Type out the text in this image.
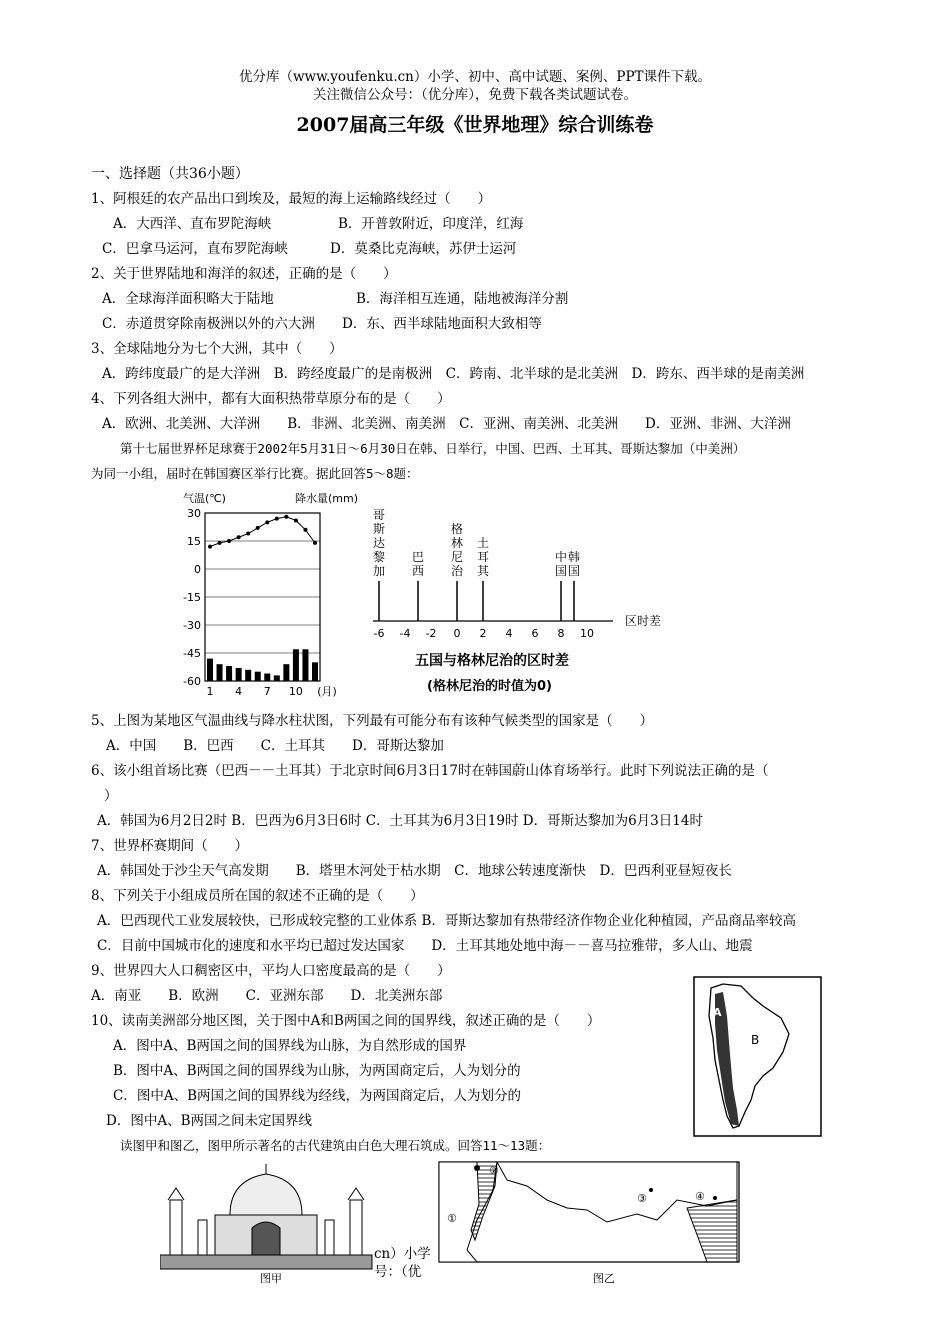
优分库（www.youfenku.cn）小学、初中、高中试题、案例、PPT课件下载。
关注微信公众号：（优分库），免费下载各类试题试卷。
2007届高三年级《世界地理》综合训练卷
一、选择题（共36小题）
1、阿根廷的农产品出口到埃及，最短的海上运输路线经过（　　）
A．大西洋、直布罗陀海峡	B．开普敦附近，印度洋，红海
C．巴拿马运河，直布罗陀海峡	D．莫桑比克海峡，苏伊士运河
2、关于世界陆地和海洋的叙述，正确的是（　　）
A．全球海洋面积略大于陆地	B．海洋相互连通，陆地被海洋分割
C．赤道贯穿除南极洲以外的六大洲 D．东、西半球陆地面积大致相等
3、全球陆地分为七个大洲，其中（　　）
A．跨纬度最广的是大洋洲　B．跨经度最广的是南极洲　C．跨南、北半球的是北美洲　D．跨东、西半球的是南美洲
4、下列各组大洲中，都有大面积热带草原分布的是（　　）
A．欧洲、北美洲、大洋洲　　B．非洲、北美洲、南美洲　C．亚洲、南美洲、北美洲　　D．亚洲、非洲、大洋洲
第十七届世界杯足球赛于2002年5月31日～6月30日在韩、日举行，中国、巴西、土耳其、哥斯达黎加（中美洲）
为同一小组，届时在韩国赛区举行比赛。据此回答5～8题：
气温(℃)	降水量(mm)
30
15
0
-15
-30
-45
-60
1 4 7 10 (月)
哥斯达黎加
巴西
格林尼治
土耳其
中国
韩国
-6 -4 -2 0 2 4 6 8 10
区时差
五国与格林尼治的区时差
(格林尼治的时值为0)
5、上图为某地区气温曲线与降水柱状图，下列最有可能分布有该种气候类型的国家是（　　）
A．中国　　B．巴西　　C．土耳其　　D．哥斯达黎加
6、该小组首场比赛（巴西－－土耳其）于北京时间6月3日17时在韩国蔚山体育场举行。此时下列说法正确的是（
）
A．韩国为6月2日2时 B．巴西为6月3日6时 C．土耳其为6月3日19时 D．哥斯达黎加为6月3日14时
7、世界杯赛期间（　　）
A．韩国处于沙尘天气高发期　　B．塔里木河处于枯水期　C．地球公转速度渐快　D．巴西利亚昼短夜长
8、下列关于小组成员所在国的叙述不正确的是（　　）
A．巴西现代工业发展较快，已形成较完整的工业体系 B．哥斯达黎加有热带经济作物企业化种植园，产品商品率较高
C．目前中国城市化的速度和水平均已超过发达国家　　D．土耳其地处地中海－－喜马拉雅带，多人山、地震
9、世界四大人口稠密区中，平均人口密度最高的是（　　）
A．南亚　　B．欧洲　　C．亚洲东部　　D．北美洲东部
10、读南美洲部分地区图，关于图中A和B两国之间的国界线，叙述正确的是（　　）
A．图中A、B两国之间的国界线为山脉，为自然形成的国界
B．图中A、B两国之间的国界线为山脉，为两国商定后，人为划分的
C．图中A、B两国之间的国界线为经线，为两国商定后，人为划分的
D．图中A、B两国之间未定国界线
A
B
读图甲和图乙，图甲所示著名的古代建筑由白色大理石筑成。回答11～13题：
图甲
cn）小学
号：（优
①
②
③	④
图乙
